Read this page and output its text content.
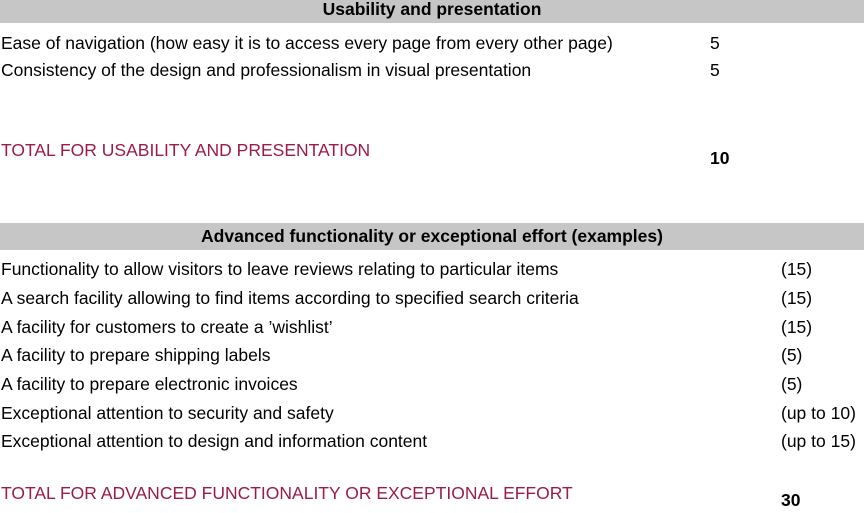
Usability and presentation
Ease of navigation (how easy it is to access every page from every other page)	5
Consistency of the design and professionalism in visual presentation	5
TOTAL FOR USABILITY AND PRESENTATION	10
Advanced functionality or exceptional effort (examples)
Functionality to allow visitors to leave reviews relating to particular items	(15)
A search facility allowing to find items according to specified search criteria	(15)
A facility for customers to create a ’wishlist’	(15)
A facility to prepare shipping labels	(5)
A facility to prepare electronic invoices	(5)
Exceptional attention to security and safety	(up to 10)
Exceptional attention to design and information content	(up to 15)
TOTAL FOR ADVANCED FUNCTIONALITY OR EXCEPTIONAL EFFORT	30
